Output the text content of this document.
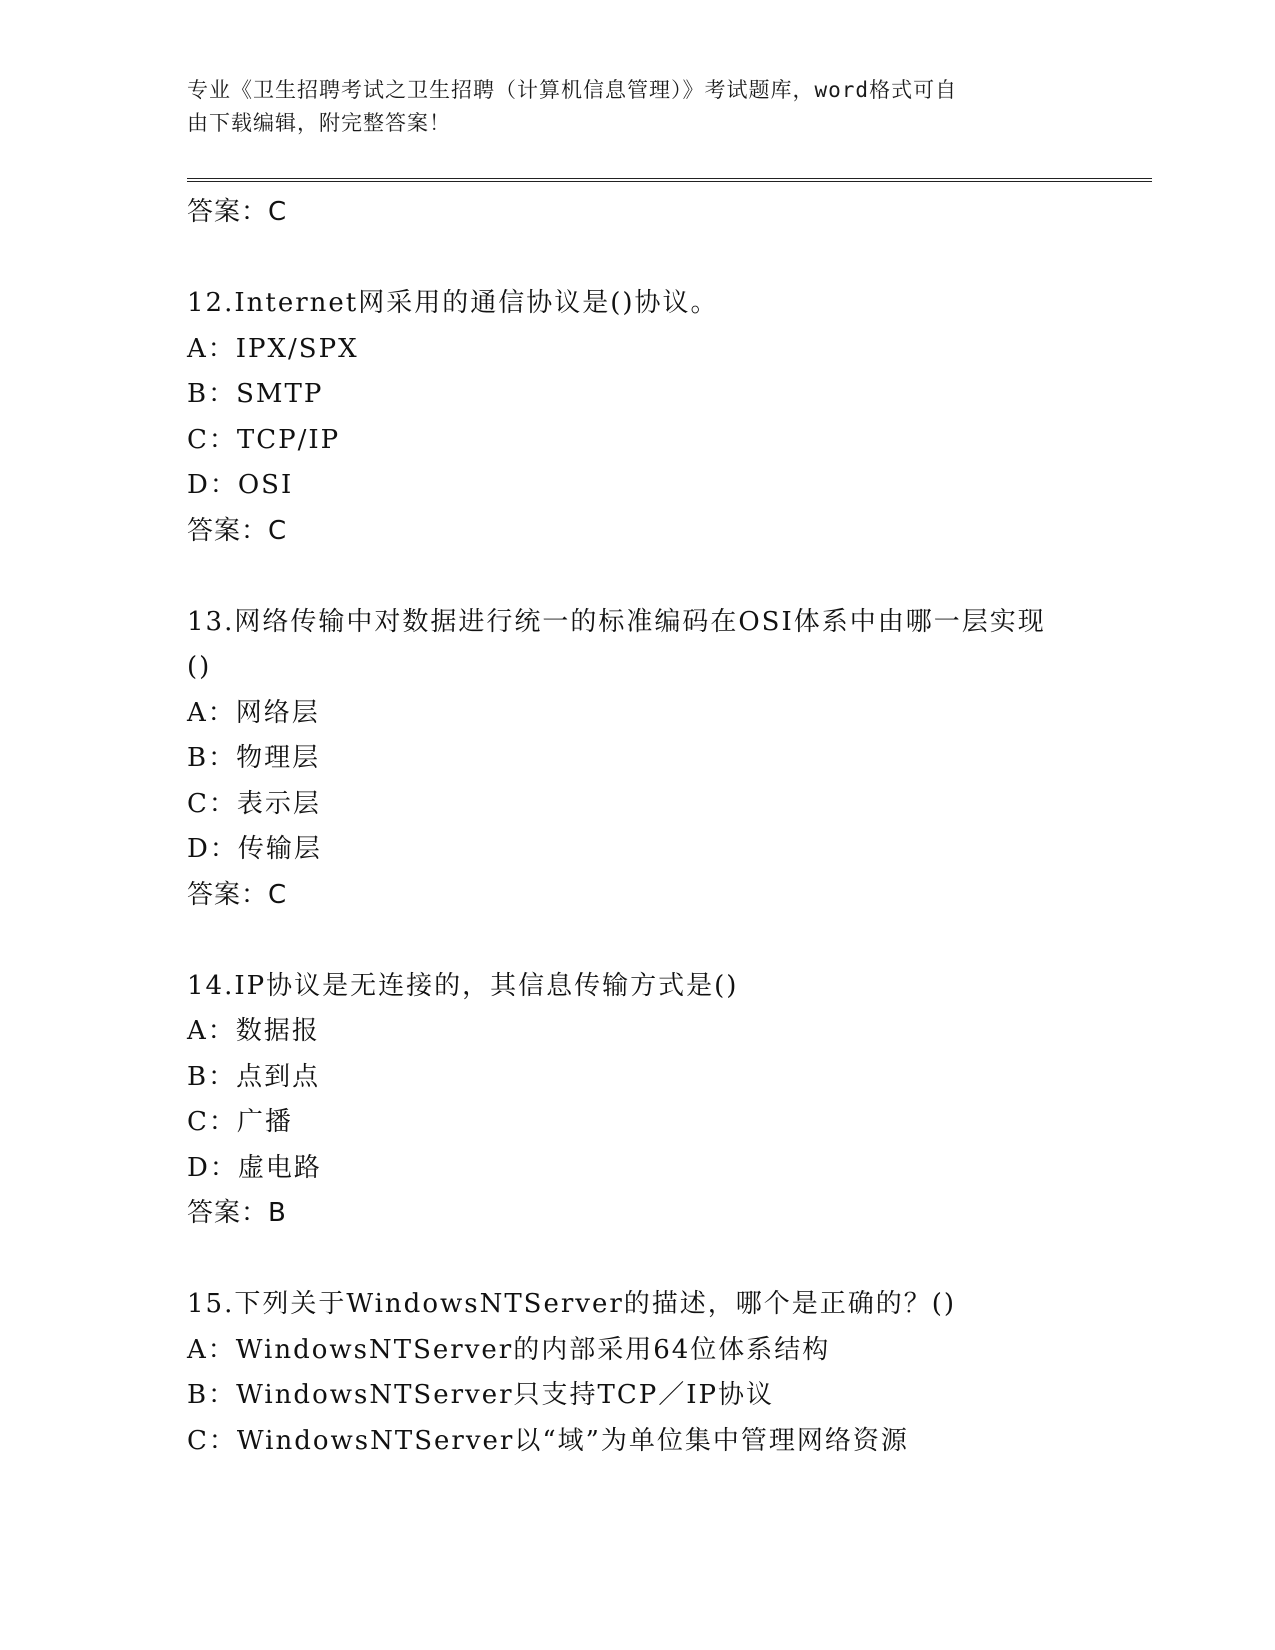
专业《卫生招聘考试之卫生招聘（计算机信息管理）》考试题库，word格式可自
由下载编辑，附完整答案！
答案：C
12.Internet网采用的通信协议是()协议。
A：IPX/SPX
B：SMTP
C：TCP/IP
D：OSI
答案：C
13.网络传输中对数据进行统一的标准编码在OSI体系中由哪一层实现
()
A：网络层
B：物理层
C：表示层
D：传输层
答案：C
14.IP协议是无连接的，其信息传输方式是()
A：数据报
B：点到点
C：广播
D：虚电路
答案：B
15.下列关于WindowsNTServer的描述，哪个是正确的？()
A：WindowsNTServer的内部采用64位体系结构
B：WindowsNTServer只支持TCP／IP协议
C：WindowsNTServer以“域”为单位集中管理网络资源
